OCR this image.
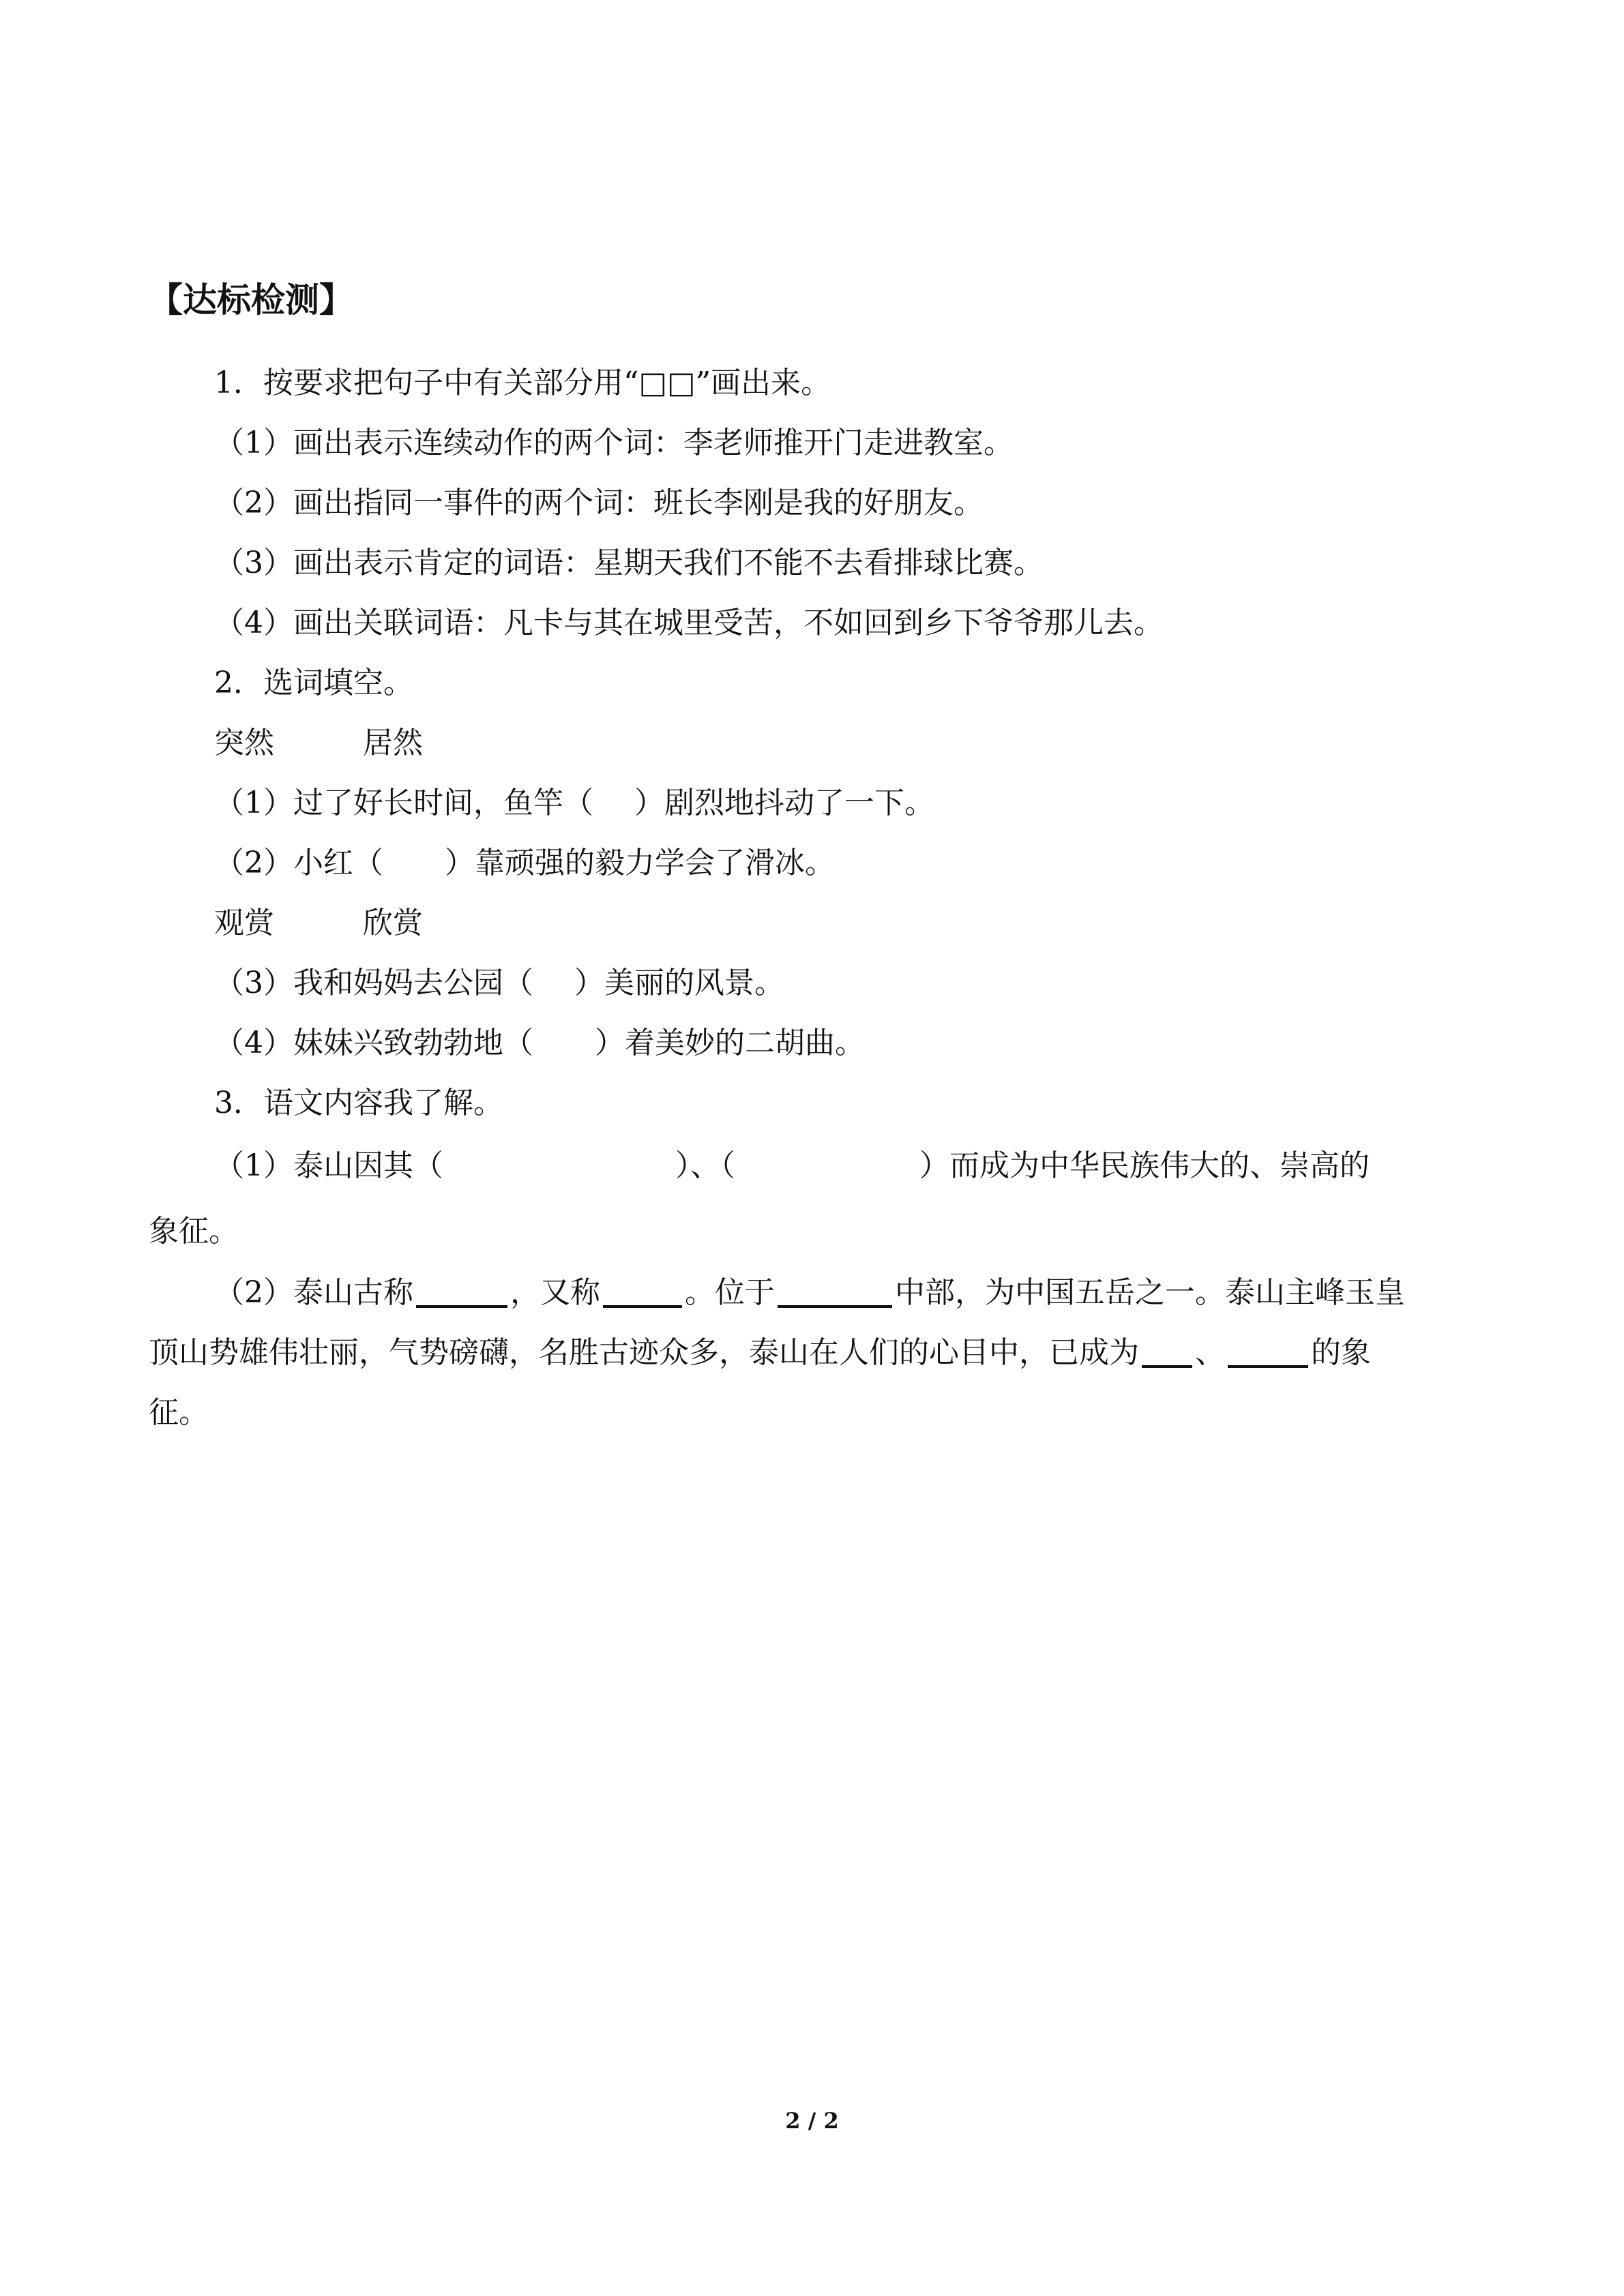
【达标检测】
1．按要求把句子中有关部分用“□□”画出来。
（1）画出表示连续动作的两个词：李老师推开门走进教室。
（2）画出指同一事件的两个词：班长李刚是我的好朋友。
（3）画出表示肯定的词语：星期天我们不能不去看排球比赛。
（4）画出关联词语：凡卡与其在城里受苦，不如回到乡下爷爷那儿去。
2．选词填空。
突然	居然
（1）过了好长时间，鱼竿（ ）剧烈地抖动了一下。
（2）小红（ ）靠顽强的毅力学会了滑冰。
观赏	欣赏
（3）我和妈妈去公园（ ）美丽的风景。
（4）妹妹兴致勃勃地（ ）着美妙的二胡曲。
3．语文内容我了解。
（1）泰山因其（	）、（	）而成为中华民族伟大的、崇高的
象征。
（2）泰山古称	，又称	。位于	中部，为中国五岳之一。泰山主峰玉皇
顶山势雄伟壮丽，气势磅礴，名胜古迹众多，泰山在人们的心目中，已成为 、	的象
征。
2 / 2
